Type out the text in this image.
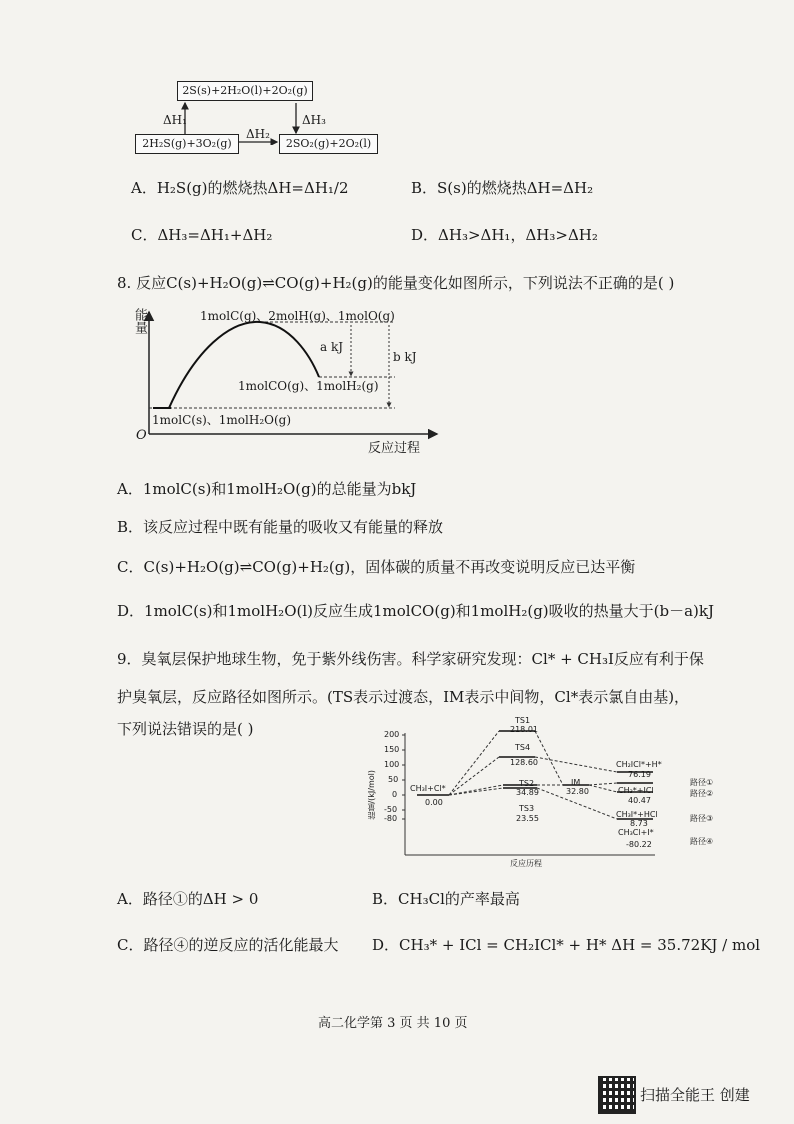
2S(s)+2H₂O(l)+2O₂(g)
2H₂S(g)+3O₂(g)	2SO₂(g)+2O₂(l)
ΔH₁	ΔH₃
ΔH₂
A．H₂S(g)的燃烧热ΔH=ΔH₁/2	B．S(s)的燃烧热ΔH=ΔH₂
C．ΔH₃=ΔH₁+ΔH₂	D．ΔH₃>ΔH₁，ΔH₃>ΔH₂
8. 反应C(s)+H₂O(g)⇌CO(g)+H₂(g)的能量变化如图所示，下列说法不正确的是( )
能量
O
反应过程
1molC(g)、2molH(g)、1molO(g)
1molCO(g)、1molH₂(g)
1molC(s)、1molH₂O(g)
a kJ
b kJ
A．1molC(s)和1molH₂O(g)的总能量为bkJ
B．该反应过程中既有能量的吸收又有能量的释放
C．C(s)+H₂O(g)⇌CO(g)+H₂(g)，固体碳的质量不再改变说明反应已达平衡
D．1molC(s)和1molH₂O(l)反应生成1molCO(g)和1molH₂(g)吸收的热量大于(b－a)kJ
9．臭氧层保护地球生物，免于紫外线伤害。科学家研究发现：Cl* + CH₃I反应有利于保
护臭氧层，反应路径如图所示。(TS表示过渡态，IM表示中间物，Cl*表示氯自由基)，
下列说法错误的是( )
能量/(kJ/mol)
200
150
100
50
0
-50
-80
反应历程
CH₃I+Cl*
0.00
TS1
218.01
TS4
128.60
TS2
34.89
TS3
23.55
IM
32.80
CH₂ICl*+H*
76.19
CH₃*+ICl
40.47
CH₃I*+HCl
8.73
CH₃Cl+I*
-80.22
路径①
路径②
路径③
路径④
A．路径①的ΔH > 0	B．CH₃Cl的产率最高
C．路径④的逆反应的活化能最大 D．CH₃* + ICl = CH₂ICl* + H* ΔH = 35.72KJ / mol
高二化学第 3 页 共 10 页
扫描全能王 创建
